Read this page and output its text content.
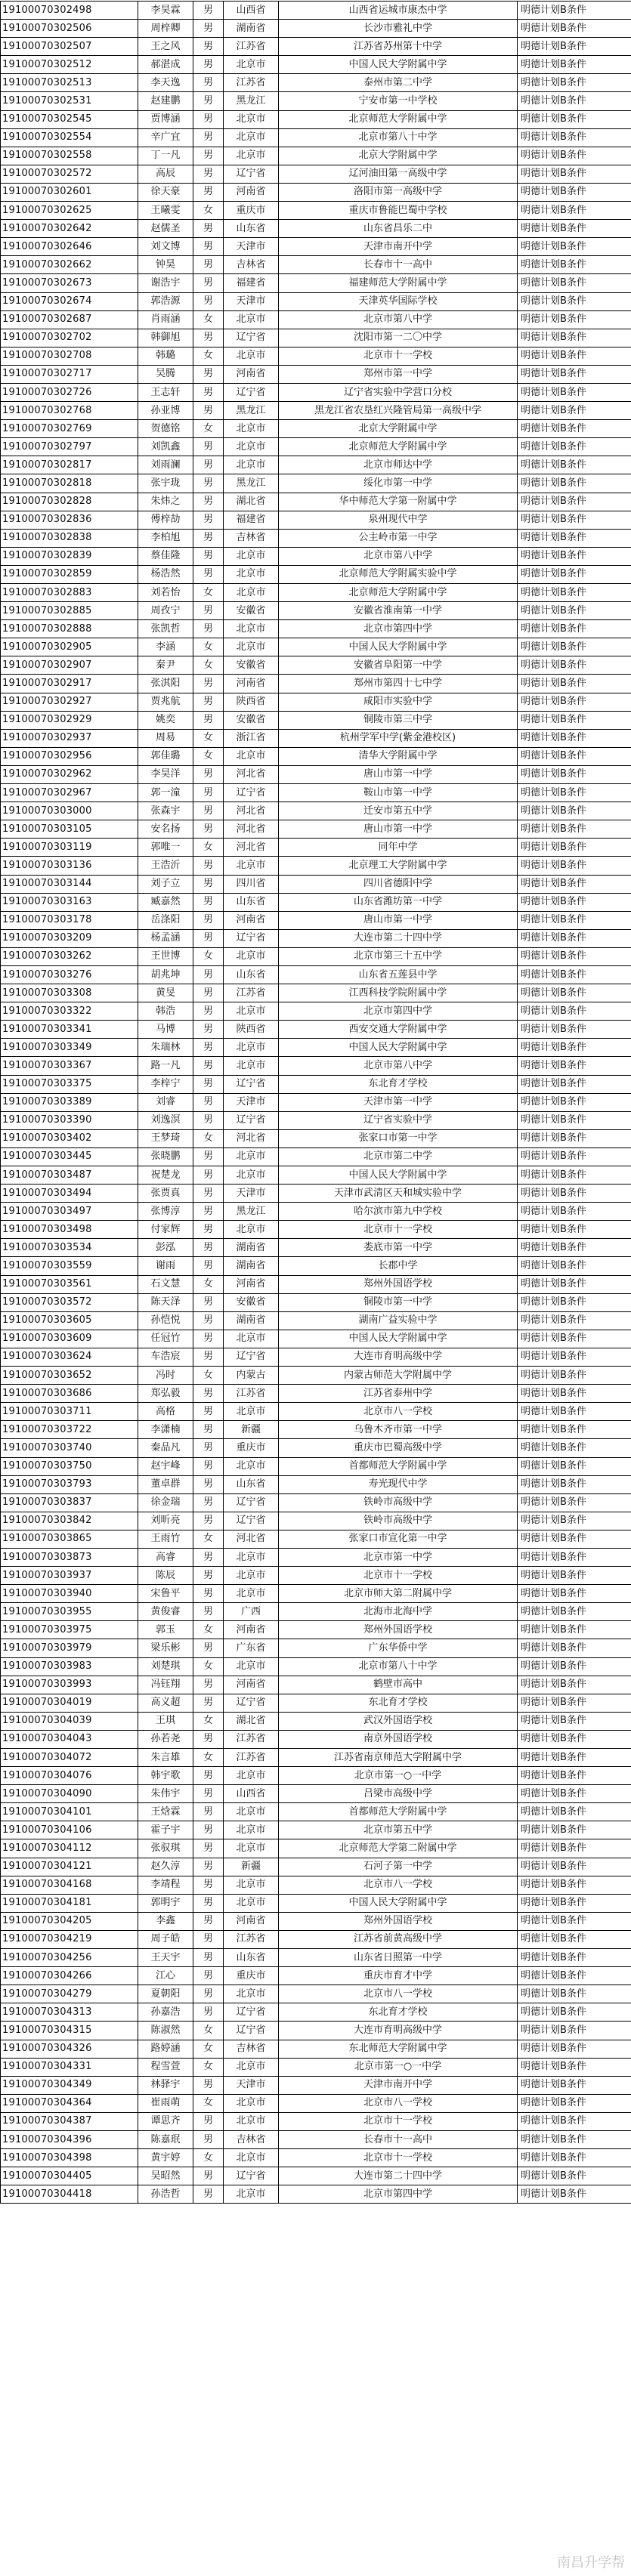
19100070302498	李昊霖	男	山西省	山西省运城市康杰中学	明德计划B条件
19100070302506	周梓卿	男	湖南省	长沙市雅礼中学	明德计划B条件
19100070302507	王之风	男	江苏省	江苏省苏州第十中学	明德计划B条件
19100070302512	郝湛成	男	北京市	中国人民大学附属中学	明德计划B条件
19100070302513	李天逸	男	江苏省	泰州市第二中学	明德计划B条件
19100070302531	赵建鹏	男	黑龙江	宁安市第一中学校	明德计划B条件
19100070302545	贾博涵	男	北京市	北京师范大学附属中学	明德计划B条件
19100070302554	辛广宜	男	北京市	北京市第八十中学	明德计划B条件
19100070302558	丁一凡	男	北京市	北京大学附属中学	明德计划B条件
19100070302572	高辰	男	辽宁省	辽河油田第一高级中学	明德计划B条件
19100070302601	徐天豪	男	河南省	洛阳市第一高级中学	明德计划B条件
19100070302625	王曦雯	女	重庆市	重庆市鲁能巴蜀中学校	明德计划B条件
19100070302642	赵儒圣	男	山东省	山东省昌乐二中	明德计划B条件
19100070302646	刘文博	男	天津市	天津市南开中学	明德计划B条件
19100070302662	钟昊	男	吉林省	长春市十一高中	明德计划B条件
19100070302673	谢浩宇	男	福建省	福建师范大学附属中学	明德计划B条件
19100070302674	郭浩源	男	天津市	天津英华国际学校	明德计划B条件
19100070302687	肖雨涵	女	北京市	北京市第八中学	明德计划B条件
19100070302702	韩御旭	男	辽宁省	沈阳市第一二〇中学	明德计划B条件
19100070302708	韩璐	女	北京市	北京市十一学校	明德计划B条件
19100070302717	吴腾	男	河南省	郑州市第一中学	明德计划B条件
19100070302726	王志轩	男	辽宁省	辽宁省实验中学营口分校	明德计划B条件
19100070302768	孙亚博	男	黑龙江	黑龙江省农垦红兴隆管局第一高级中学	明德计划B条件
19100070302769	贺德铭	女	北京市	北京大学附属中学	明德计划B条件
19100070302797	刘凯鑫	男	北京市	北京师范大学附属中学	明德计划B条件
19100070302817	刘雨澜	男	北京市	北京市师达中学	明德计划B条件
19100070302818	张宇珑	男	黑龙江	绥化市第一中学	明德计划B条件
19100070302828	朱炜之	男	湖北省	华中师范大学第一附属中学	明德计划B条件
19100070302836	傅梓劼	男	福建省	泉州现代中学	明德计划B条件
19100070302838	李柏旭	男	吉林省	公主岭市第一中学	明德计划B条件
19100070302839	蔡佳隆	男	北京市	北京市第八中学	明德计划B条件
19100070302859	杨浩然	男	北京市	北京师范大学附属实验中学	明德计划B条件
19100070302883	刘若怡	女	北京市	北京师范大学附属中学	明德计划B条件
19100070302885	周孜宁	男	安徽省	安徽省淮南第一中学	明德计划B条件
19100070302888	张凯哲	男	北京市	北京市第四中学	明德计划B条件
19100070302905	李涵	女	北京市	中国人民大学附属中学	明德计划B条件
19100070302907	秦尹	女	安徽省	安徽省阜阳第一中学	明德计划B条件
19100070302917	张淇阳	男	河南省	郑州市第四十七中学	明德计划B条件
19100070302927	贾兆航	男	陕西省	咸阳市实验中学	明德计划B条件
19100070302929	姚奕	男	安徽省	铜陵市第三中学	明德计划B条件
19100070302937	周易	女	浙江省	杭州学军中学(紫金港校区)	明德计划B条件
19100070302956	郭佳璐	女	北京市	清华大学附属中学	明德计划B条件
19100070302962	李昊洋	男	河北省	唐山市第一中学	明德计划B条件
19100070302967	郭一潼	男	辽宁省	鞍山市第一中学	明德计划B条件
19100070303000	张森宇	男	河北省	迁安市第五中学	明德计划B条件
19100070303105	安名扬	男	河北省	唐山市第一中学	明德计划B条件
19100070303119	郭唯一	女	河北省	同年中学	明德计划B条件
19100070303136	王浩沂	男	北京市	北京理工大学附属中学	明德计划B条件
19100070303144	刘子立	男	四川省	四川省德阳中学	明德计划B条件
19100070303163	臧嘉然	男	山东省	山东省潍坊第一中学	明德计划B条件
19100070303178	岳涤阳	男	河南省	唐山市第一中学	明德计划B条件
19100070303209	杨孟涵	男	辽宁省	大连市第二十四中学	明德计划B条件
19100070303262	王世博	女	北京市	北京市第三十五中学	明德计划B条件
19100070303276	胡兆坤	男	山东省	山东省五莲县中学	明德计划B条件
19100070303308	黄旻	男	江苏省	江西科技学院附属中学	明德计划B条件
19100070303322	韩浩	男	北京市	北京市第四中学	明德计划B条件
19100070303341	马博	男	陕西省	西安交通大学附属中学	明德计划B条件
19100070303349	朱瑞林	男	北京市	中国人民大学附属中学	明德计划B条件
19100070303367	路一凡	男	北京市	北京市第八中学	明德计划B条件
19100070303375	李梓宁	男	辽宁省	东北育才学校	明德计划B条件
19100070303389	刘睿	男	天津市	天津市第一中学	明德计划B条件
19100070303390	刘逸溟	男	辽宁省	辽宁省实验中学	明德计划B条件
19100070303402	王梦琦	女	河北省	张家口市第一中学	明德计划B条件
19100070303445	张晓鹏	男	北京市	北京市第二中学	明德计划B条件
19100070303487	祝楚龙	男	北京市	中国人民大学附属中学	明德计划B条件
19100070303494	张贾真	男	天津市	天津市武清区天和城实验中学	明德计划B条件
19100070303497	张博淳	男	黑龙江	哈尔滨市第九中学校	明德计划B条件
19100070303498	付家辉	男	北京市	北京市十一学校	明德计划B条件
19100070303534	彭泓	男	湖南省	娄底市第一中学	明德计划B条件
19100070303559	谢雨	男	湖南省	长郡中学	明德计划B条件
19100070303561	石文慧	女	河南省	郑州外国语学校	明德计划B条件
19100070303572	陈天泽	男	安徽省	铜陵市第一中学	明德计划B条件
19100070303605	孙恺悦	男	湖南省	湖南广益实验中学	明德计划B条件
19100070303609	任冠竹	男	北京市	中国人民大学附属中学	明德计划B条件
19100070303624	车浩宸	男	辽宁省	大连市育明高级中学	明德计划B条件
19100070303652	冯时	女	内蒙古	内蒙古师范大学附属中学	明德计划B条件
19100070303686	郑弘毅	男	江苏省	江苏省泰州中学	明德计划B条件
19100070303711	高格	男	北京市	北京市八一学校	明德计划B条件
19100070303722	李潇楠	男	新疆	乌鲁木齐市第一中学	明德计划B条件
19100070303740	秦品凡	男	重庆市	重庆市巴蜀高级中学	明德计划B条件
19100070303750	赵宇峰	男	北京市	首都师范大学附属中学	明德计划B条件
19100070303793	董卓群	男	山东省	寿光现代中学	明德计划B条件
19100070303837	徐金瑞	男	辽宁省	铁岭市高级中学	明德计划B条件
19100070303842	刘昕亮	男	辽宁省	铁岭市高级中学	明德计划B条件
19100070303865	王雨竹	女	河北省	张家口市宣化第一中学	明德计划B条件
19100070303873	高睿	男	北京市	北京市第一中学	明德计划B条件
19100070303937	陈辰	男	北京市	北京市十一学校	明德计划B条件
19100070303940	宋鲁平	男	北京市	北京市师大第二附属中学	明德计划B条件
19100070303955	黄俊睿	男	广西	北海市北海中学	明德计划B条件
19100070303975	郭玉	女	河南省	郑州外国语学校	明德计划B条件
19100070303979	梁乐彬	男	广东省	广东华侨中学	明德计划B条件
19100070303983	刘楚琪	女	北京市	北京市第八十中学	明德计划B条件
19100070303993	冯钰翔	男	河南省	鹤壁市高中	明德计划B条件
19100070304019	高义超	男	辽宁省	东北育才学校	明德计划B条件
19100070304039	王琪	女	湖北省	武汉外国语学校	明德计划B条件
19100070304043	孙若尧	男	江苏省	南京外国语学校	明德计划B条件
19100070304072	朱言雄	女	江苏省	江苏省南京师范大学附属中学	明德计划B条件
19100070304076	韩宇歌	男	北京市	北京市第一○一中学	明德计划B条件
19100070304090	朱伟宇	男	山西省	吕梁市高级中学	明德计划B条件
19100070304101	王焓霖	男	北京市	首都师范大学附属中学	明德计划B条件
19100070304106	霍子宇	男	北京市	北京市第五中学	明德计划B条件
19100070304112	张驭琪	男	北京市	北京师范大学第二附属中学	明德计划B条件
19100070304121	赵久淳	男	新疆	石河子第一中学	明德计划B条件
19100070304168	李靖程	男	北京市	北京市八一学校	明德计划B条件
19100070304181	郭明宇	男	北京市	中国人民大学附属中学	明德计划B条件
19100070304205	李鑫	男	河南省	郑州外国语学校	明德计划B条件
19100070304219	周子皓	男	江苏省	江苏省前黄高级中学	明德计划B条件
19100070304256	王天宇	男	山东省	山东省日照第一中学	明德计划B条件
19100070304266	江心	男	重庆市	重庆市育才中学	明德计划B条件
19100070304279	夏朝阳	男	北京市	北京市八一学校	明德计划B条件
19100070304313	孙嘉浩	男	辽宁省	东北育才学校	明德计划B条件
19100070304315	陈淑然	女	辽宁省	大连市育明高级中学	明德计划B条件
19100070304326	路婷涵	女	吉林省	东北师范大学附属中学	明德计划B条件
19100070304331	程雪萱	女	北京市	北京市第一○一中学	明德计划B条件
19100070304349	林驿宇	男	天津市	天津市南开中学	明德计划B条件
19100070304364	崔雨萌	女	北京市	北京市八一学校	明德计划B条件
19100070304387	谭思齐	男	北京市	北京市十一学校	明德计划B条件
19100070304396	陈嘉珉	男	吉林省	长春市十一高中	明德计划B条件
19100070304398	黄宇婷	女	北京市	北京市十一学校	明德计划B条件
19100070304405	吴昭然	男	辽宁省	大连市第二十四中学	明德计划B条件
19100070304418	孙浩哲	男	北京市	北京市第四中学	明德计划B条件
南昌升学帮
